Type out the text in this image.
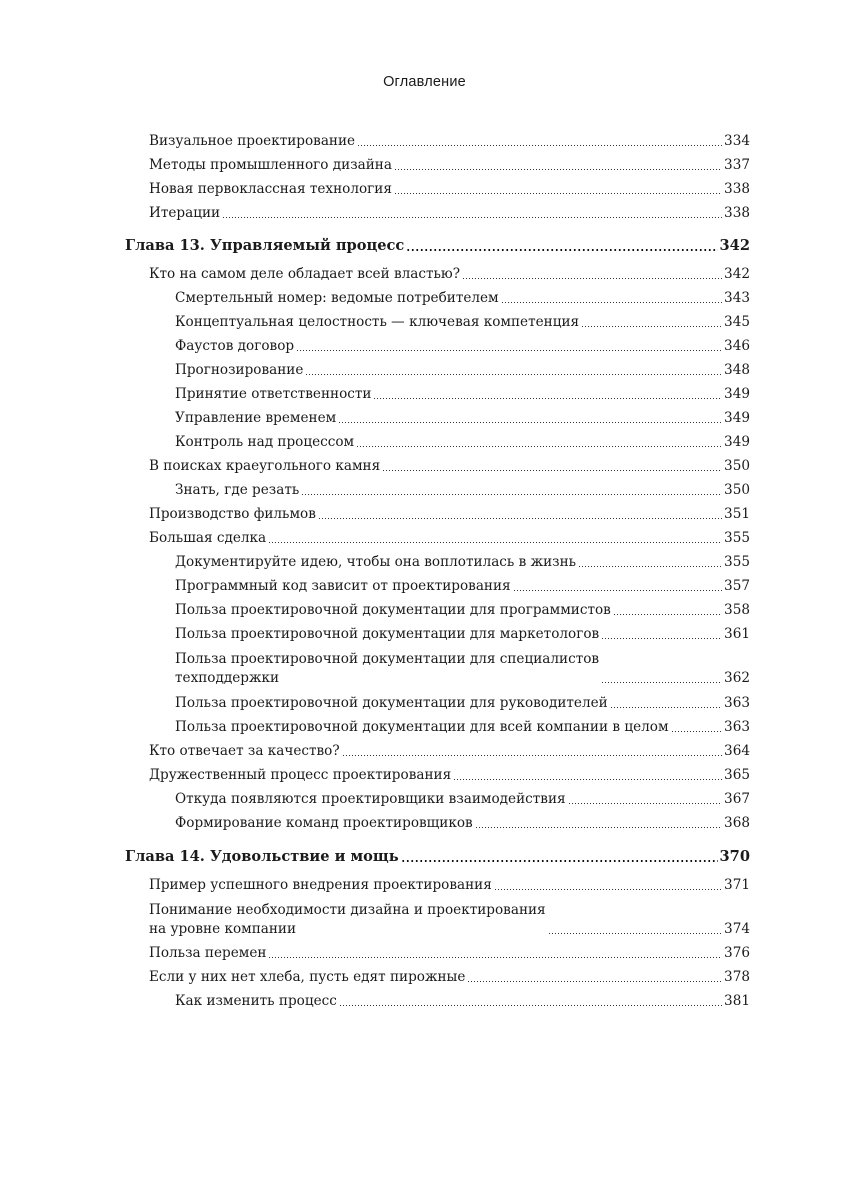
Оглавление
Визуальное проектирование	334
Методы промышленного дизайна	337
Новая первоклассная технология	338
Итерации	338
Глава 13. Управляемый процесс	342
Кто на самом деле обладает всей властью?	342
Смертельный номер: ведомые потребителем	343
Концептуальная целостность — ключевая компетенция	345
Фаустов договор	346
Прогнозирование	348
Принятие ответственности	349
Управление временем	349
Контроль над процессом	349
В поисках краеугольного камня	350
Знать, где резать	350
Производство фильмов	351
Большая сделка	355
Документируйте идею, чтобы она воплотилась в жизнь	355
Программный код зависит от проектирования	357
Польза проектировочной документации для программистов	358
Польза проектировочной документации для маркетологов	361
Польза проектировочной документации для специалистов
техподдержки	362
Польза проектировочной документации для руководителей	363
Польза проектировочной документации для всей компании в целом	363
Кто отвечает за качество?	364
Дружественный процесс проектирования	365
Откуда появляются проектировщики взаимодействия	367
Формирование команд проектировщиков	368
Глава 14. Удовольствие и мощь	370
Пример успешного внедрения проектирования	371
Понимание необходимости дизайна и проектирования
на уровне компании	374
Польза перемен	376
Если у них нет хлеба, пусть едят пирожные	378
Как изменить процесс	381
